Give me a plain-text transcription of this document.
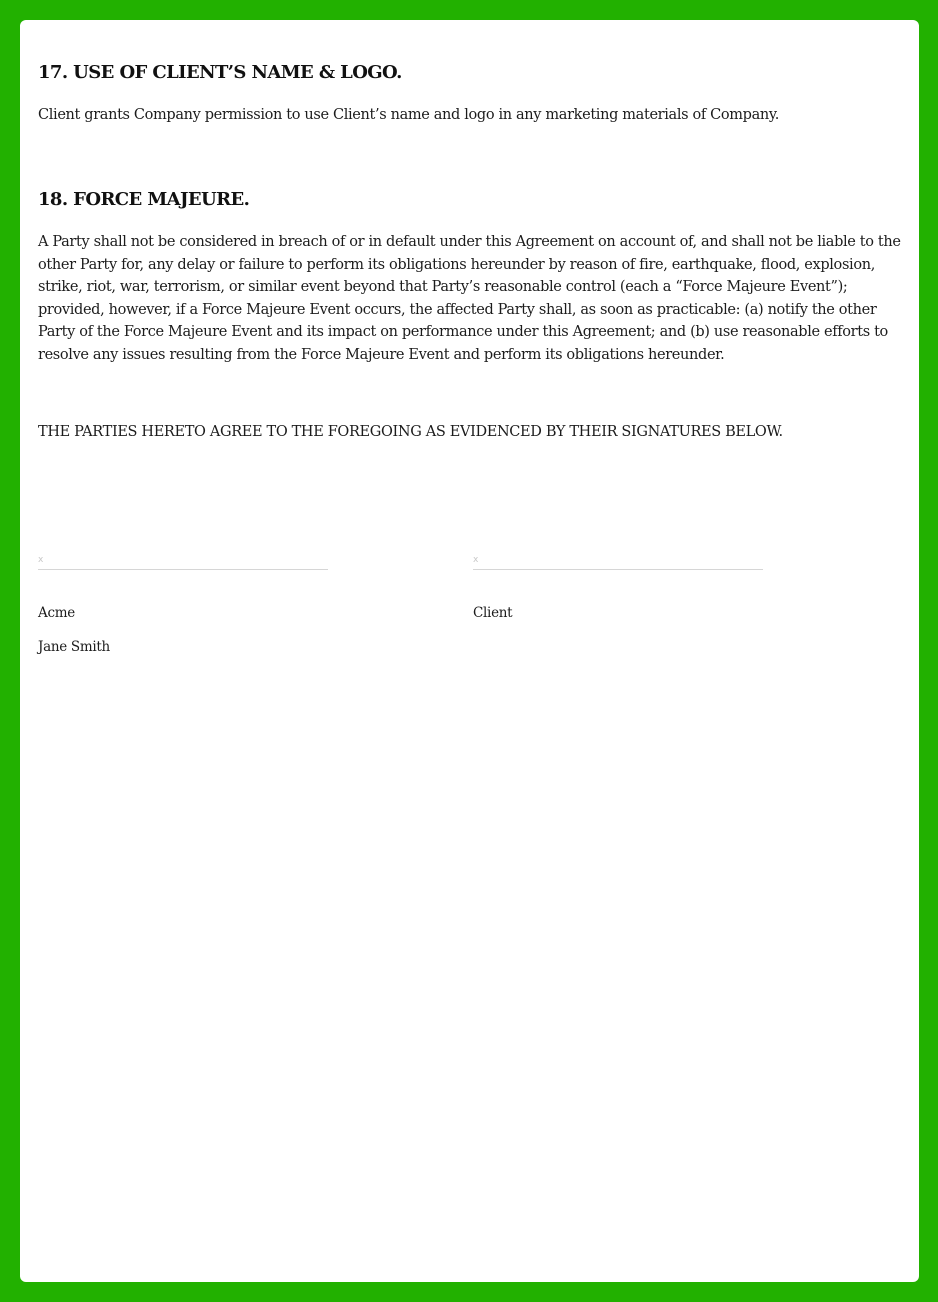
17. USE OF CLIENT’S NAME & LOGO.

Client grants Company permission to use Client’s name and logo in any marketing materials of Company.

18. FORCE MAJEURE.

A Party shall not be considered in breach of or in default under this Agreement on account of, and shall not be liable to the other Party for, any delay or failure to perform its obligations hereunder by reason of fire, earthquake, flood, explosion, strike, riot, war, terrorism, or similar event beyond that Party’s reasonable control (each a “Force Majeure Event”); provided, however, if a Force Majeure Event occurs, the affected Party shall, as soon as practicable: (a) notify the other Party of the Force Majeure Event and its impact on performance under this Agreement; and (b) use reasonable efforts to resolve any issues resulting from the Force Majeure Event and perform its obligations hereunder.

THE PARTIES HERETO AGREE TO THE FOREGOING AS EVIDENCED BY THEIR SIGNATURES BELOW.

x
Acme
Jane Smith
x
Client
